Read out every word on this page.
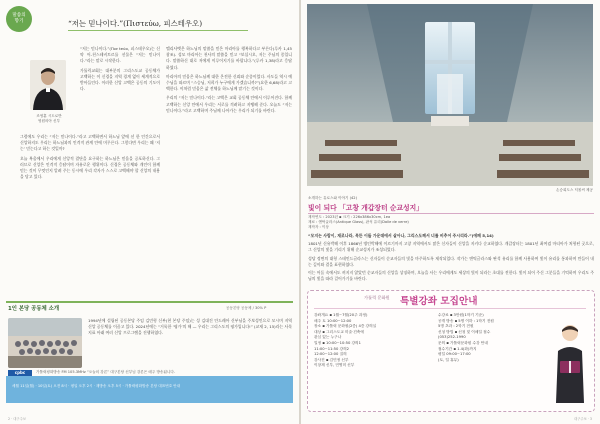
말씀의
향기	“저는 믿나이다.”(Πιστεύω, 피스테우오)
조영훈 시도로반
영원의아 신부

“저는 믿나이다.”(Πισ teúo, 피스테우오)는 신약 어-천스테비토르를 선물은 “저는 믿나이다.”라는 말로 시작한다.

가톨릭교회는 대부분의 그리스도교 공동체가 고백하는 이 신경을 지역 경계 없이 세계적으로 받아들인다. 이러한 신앙 고백은 공동의 기도이다.

그럼에도 우리는 “저는 믿나이다.”라고 고백하면서 하느님 앞에 선 한 인간으로서 신앙하지도 우리는 하느님과의 인격적 관계 안에 머무른다. 그렇다면 우리는 왜 ‘저는’ 믿는다고 하는 것일까?

오늘 복음에서 우리에게 신앙적 결단을 요구하는 하느님은 믿음을 공포하신다. 그러므로 신앙은 인격적 응답이며 자유로운 행위이다. 신경은 공동체와 개인이 함께 믿는 것이 무엇인지 알려 주는 동시에 우리 각자가 스스로 고백해야 할 신앙의 내용을 담고 있다.

엘리사벳은 하느님의 말씀을 믿은 마리아를 행복하다고 부른다(루카 1,45 참조). 성모 마리아는 천사의 말씀을 믿고 “보십시오, 저는 주님의 종입니다. 말씀하신 대로 저에게 이루어지기를 바랍니다.”(루카 1,38)라고 응답하였다.

마리아의 믿음은 하느님께 대한 온전한 신뢰와 순종이었다. 사도들 역시 예수님을 따르며 “스승님, 저희가 누구에게 가겠습니까?”(요한 6,68)라고 고백한다. 이처럼 믿음은 삶 전체를 하느님께 맡기는 것이다.

우리의 “저는 믿나이다.”라는 고백은 교회 공동체 안에서 이루어진다. 함께 고백하는 신앙 안에서 우리는 서로를 격려하고 지탱해 준다. 오늘도 “저는 믿나이다.”라고 고백하며 주님께 나아가는 우리가 되기를 바란다.

1인 본당 공동체 소개	공동본당 공동체 / 30% P
1994년에 설립된 공동본당 주임 김민형 신부(현 본당 주임)는 성 김대건 안드레아 신부님을 주보성인으로 모시며 지역 신앙 공동체를 이끌고 있다. 2024년에는 “거룩한 ‘평가’의 해 — 우리는 그리스도의 평가입니다!” (교재 2, 15)라는 사목지표 아래 여러 신앙 프로그램을 진행하였다.
cpbc	가톨릭평화방송 FM 105.3MHz “오늘의 강론” 대구본당 신부님 강론은 매주 방송됩니다.
세월 11일(월) · 10일(토) 오전 8시 · 평일 오후 2시 · 재방송 오후 5시 · 가톨릭평화방송 본당 대표번호 안내
2 · 대구주보
손승희도스 딕볼씨 제공
소개하는 유로스와 이야기 (42)
빛이 되다 「고창 개갑장터 순교성지」
재작연도 : 2023년 ▪ 크기 : 226x386x30cm, 1ea
재료 : 앤틱글라스(Antique Glass), 판석 유리(Dalle de verre)
재작자 : 이상

“모지는 사람이, 재로나라, 목뜬 이들 가운데에서 살아나, 그리스도께서 너를 비추어 주시리라.”(에페 5,14)

1801년 신유박해 이후 1866년 병인박해에 이르기까지 고창 지역에서도 많은 신자들이 신앙을 지키다 순교하였다. 개갑장터는 1801년 최여겸 마티아가 처형된 곳으로, 그 신앙의 빛을 기리기 위해 순교성지가 조성되었다.

성당 정면의 대형 스테인드글라스는 신자들이 순교자들의 빛을 마주하도록 제작되었다. 작가는 앤틱글라스와 판석 유리를 함께 사용하여 빛이 유리를 통과하며 만들어 내는 깊이와 결을 표현하였다.

이는 어둠 속에서도 꺼지지 않았던 순교자들의 신앙을 상징하며, 오늘을 사는 우리에게도 세상의 빛이 되라는 초대를 전한다. 빛이 되어 주신 그분들을 기억하며 우리도 주님의 빛을 따라 걸어가기를 바란다.

가톨릭 문화원 특별강좌 모집안내
강좌개요 ▪ 1월~7월(20주 과정)
매주 토 10:00~12:00
장소 ▪ 가톨릭 문화원(2층) 4층 강의실
대상 ▪ 그리스도교 미술·건축에
관심 있는 누구나
일정 ▪ 10:00~10:50 강의1
11:00~11:50 강의2
12:00~12:00 질의
강사진 ▪ 김민정 신부
이창재 신부, 민영미 신부
수강료 ▪ 3만원(1학기 기준)
공개 방송 ▪ 5명 이하 : 1학기 전원
5명 초과 : 2학기 전원
신청 방법 ▪ 신청 및 이메일 접수
(053)252-1990
문의 ▪ 가톨릭문화원 수강 안내
접수기간 ▪ 1.4(화)까지
평일 09:00~17:00
(토, 일 휴무)
대구주보 · 3
